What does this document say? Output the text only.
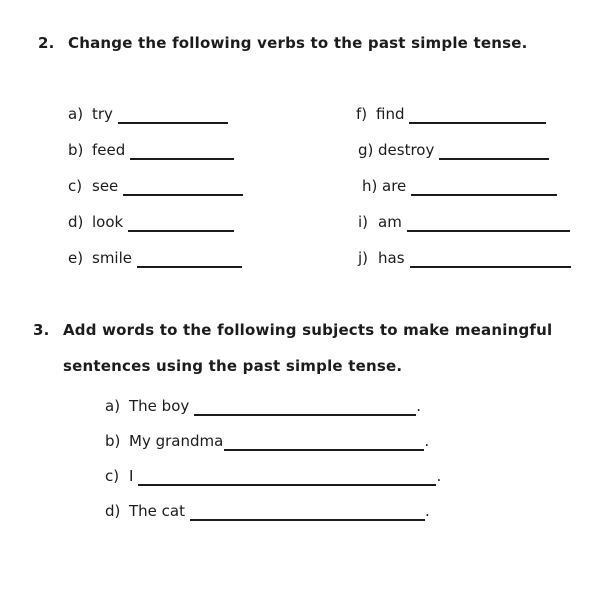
2. Change the following verbs to the past simple tense.
a) try
b) feed
c) see
d) look
e) smile
f) find
g) destroy
h) are
i) am
j) has
3. Add words to the following subjects to make meaningful
sentences using the past simple tense.
a) The boy	.
b) My grandma	.
c) I	.
d) The cat	.
